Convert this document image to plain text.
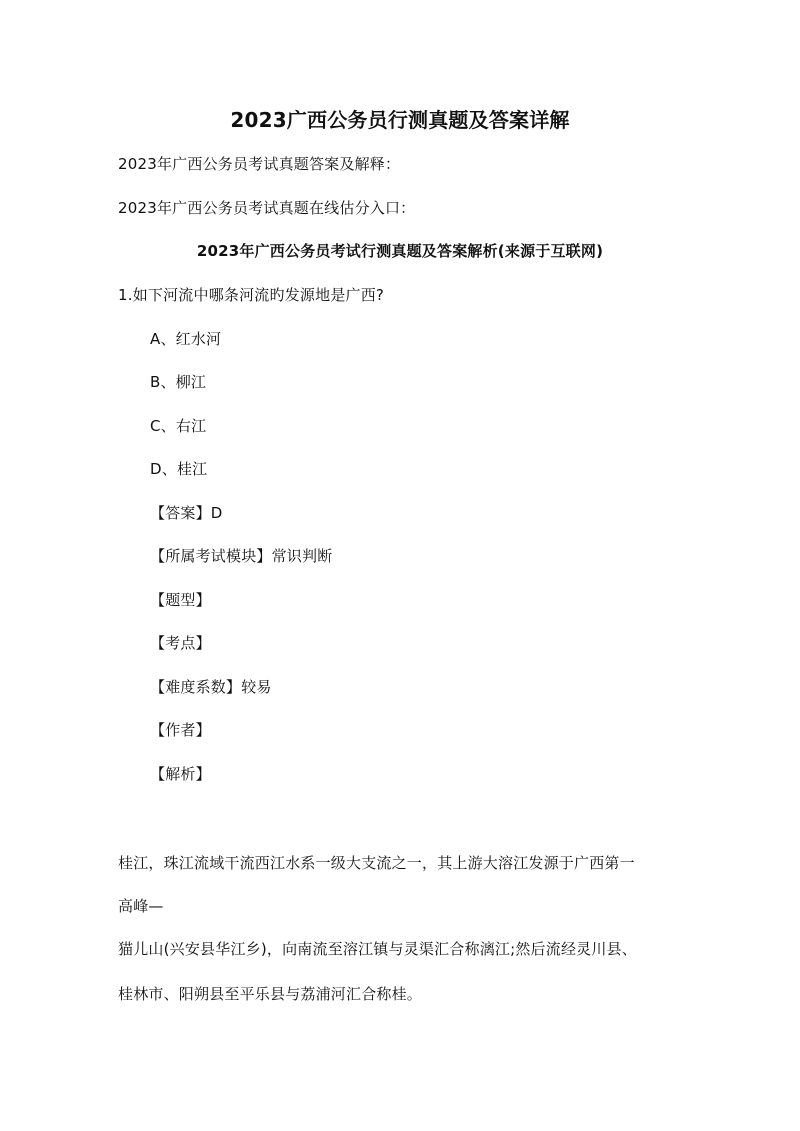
2023广西公务员行测真题及答案详解
2023年广西公务员考试真题答案及解释：
2023年广西公务员考试真题在线估分入口：
2023年广西公务员考试行测真题及答案解析(来源于互联网)
1.如下河流中哪条河流旳发源地是广西?
A、红水河
B、柳江
C、右江
D、桂江
【答案】D
【所属考试模块】常识判断
【题型】
【考点】
【难度系数】较易
【作者】
【解析】
桂江，珠江流域干流西江水系一级大支流之一，其上游大溶江发源于广西第一
高峰—
猫儿山(兴安县华江乡)，向南流至溶江镇与灵渠汇合称漓江;然后流经灵川县、
桂林市、阳朔县至平乐县与荔浦河汇合称桂。
